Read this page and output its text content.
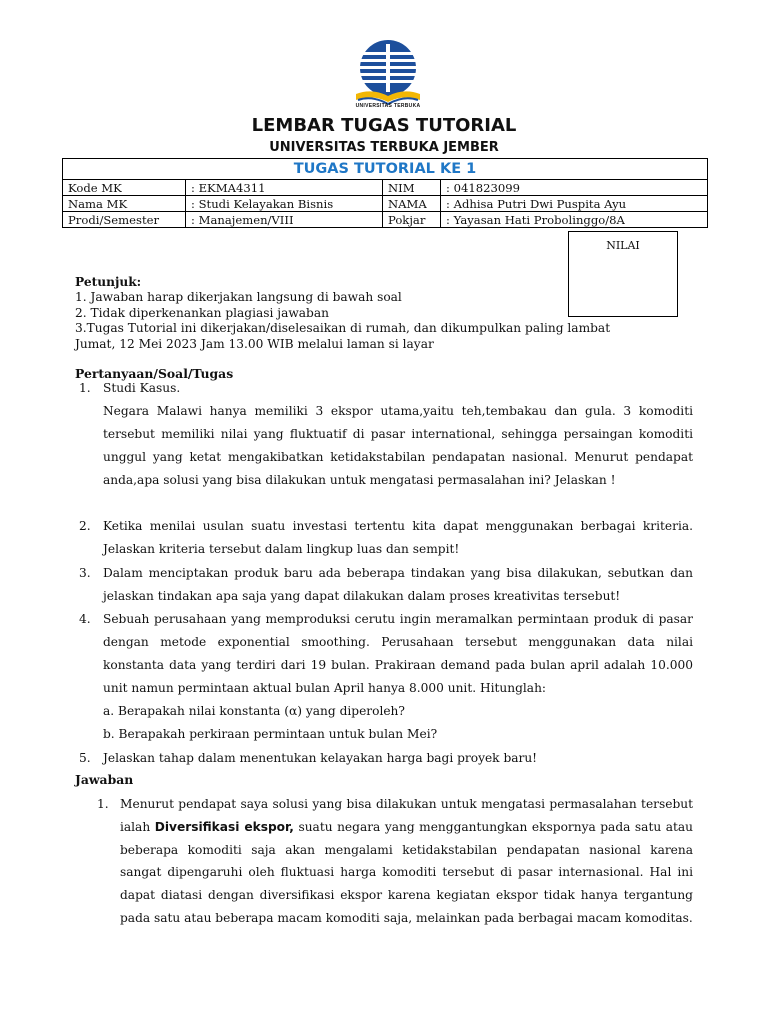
UNIVERSITAS TERBUKA
LEMBAR TUGAS TUTORIAL
UNIVERSITAS TERBUKA JEMBER
TUGAS TUTORIAL KE 1			
Kode MK	: EKMA4311	NIM	: 041823099
Nama MK	: Studi Kelayakan Bisnis	NAMA	: Adhisa Putri Dwi Puspita Ayu
Prodi/Semester	: Manajemen/VIII	Pokjar	: Yayasan Hati Probolinggo/8A
NILAI
Petunjuk:
1. Jawaban harap dikerjakan langsung di bawah soal
2. Tidak diperkenankan plagiasi jawaban
3.Tugas Tutorial ini dikerjakan/diselesaikan di rumah, dan dikumpulkan paling lambat
Jumat, 12 Mei 2023 Jam 13.00 WIB melalui laman si layar
Pertanyaan/Soal/Tugas
1. Studi Kasus.
Negara Malawi hanya memiliki 3 ekspor utama,yaitu teh,tembakau dan gula. 3 komoditi tersebut memiliki nilai yang fluktuatif di pasar international, sehingga persaingan komoditi unggul yang ketat mengakibatkan ketidakstabilan pendapatan nasional. Menurut pendapat anda,apa solusi yang bisa dilakukan untuk mengatasi permasalahan ini? Jelaskan !
2. Ketika menilai usulan suatu investasi tertentu kita dapat menggunakan berbagai kriteria. Jelaskan kriteria tersebut dalam lingkup luas dan sempit!
3. Dalam menciptakan produk baru ada beberapa tindakan yang bisa dilakukan, sebutkan dan jelaskan tindakan apa saja yang dapat dilakukan dalam proses kreativitas tersebut!
4. Sebuah perusahaan yang memproduksi cerutu ingin meramalkan permintaan produk di pasar dengan metode exponential smoothing. Perusahaan tersebut menggunakan data nilai konstanta data yang terdiri dari 19 bulan. Prakiraan demand pada bulan april adalah 10.000 unit namun permintaan aktual bulan April hanya 8.000 unit. Hitunglah:
a. Berapakah nilai konstanta (α) yang diperoleh?
b. Berapakah perkiraan permintaan untuk bulan Mei?
5. Jelaskan tahap dalam menentukan kelayakan harga bagi proyek baru!
Jawaban
1. Menurut pendapat saya solusi yang bisa dilakukan untuk mengatasi permasalahan tersebut ialah Diversifikasi ekspor, suatu negara yang menggantungkan ekspornya pada satu atau beberapa komoditi saja akan mengalami ketidakstabilan pendapatan nasional karena sangat dipengaruhi oleh fluktuasi harga komoditi tersebut di pasar internasional. Hal ini dapat diatasi dengan diversifikasi ekspor karena kegiatan ekspor tidak hanya tergantung pada satu atau beberapa macam komoditi saja, melainkan pada berbagai macam komoditas.
